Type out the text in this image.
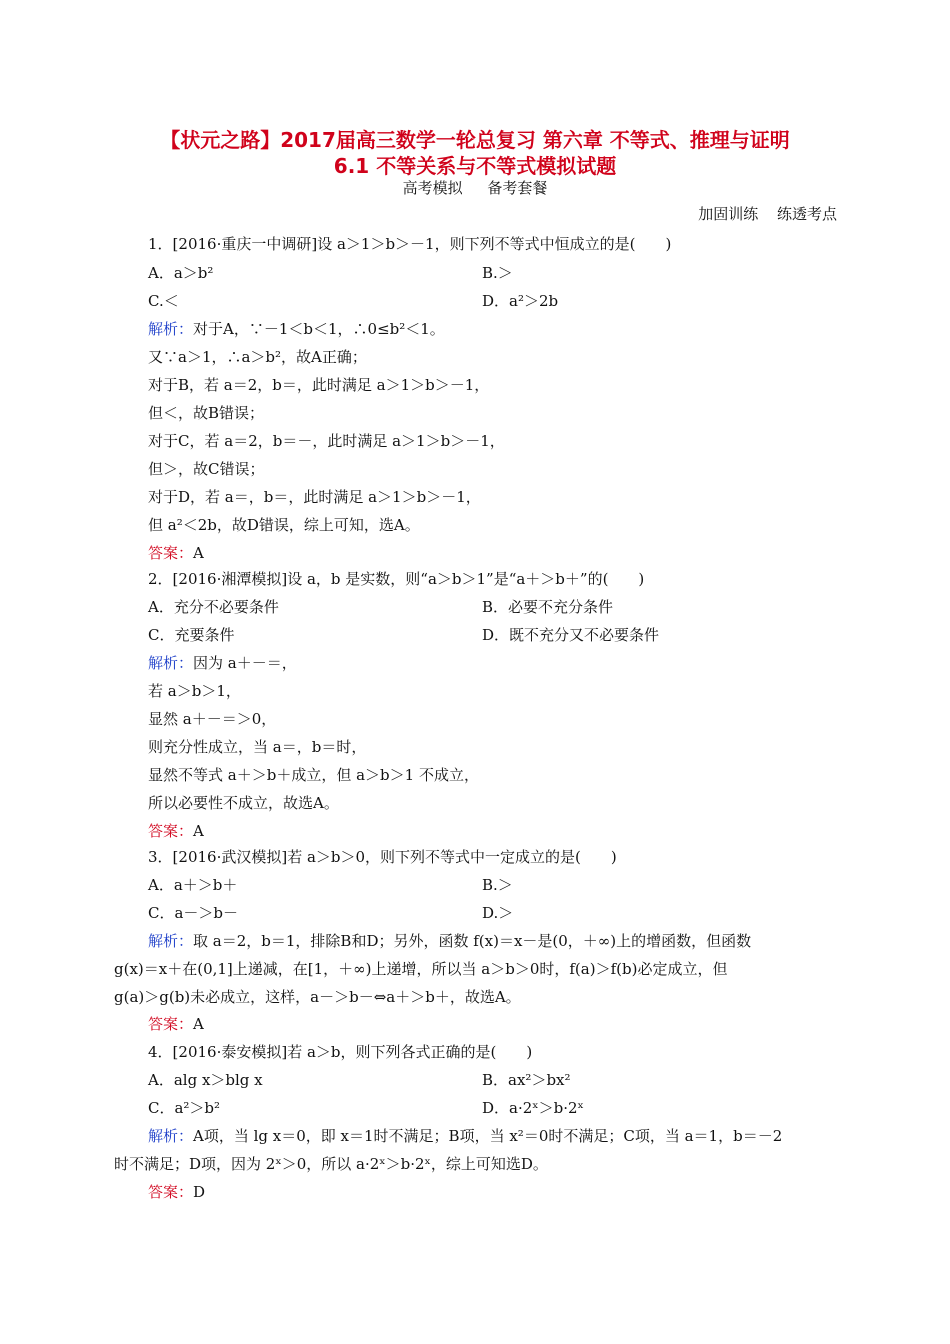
【状元之路】2017届高三数学一轮总复习 第六章 不等式、推理与证明
6.1 不等关系与不等式模拟试题
高考模拟 备考套餐
加固训练 练透考点
1．[2016·重庆一中调研]设 a＞1＞b＞－1，则下列不等式中恒成立的是(　　)
A．a＞b²	B.＞
C.＜	D．a²＞2b
解析：对于A，∵－1＜b＜1，∴0≤b²＜1。
又∵a＞1，∴a＞b²，故A正确；
对于B，若 a＝2，b＝，此时满足 a＞1＞b＞－1，
但＜，故B错误；
对于C，若 a＝2，b＝－，此时满足 a＞1＞b＞－1，
但＞，故C错误；
对于D，若 a＝，b＝，此时满足 a＞1＞b＞－1，
但 a²＜2b，故D错误，综上可知，选A。
答案：A
2．[2016·湘潭模拟]设 a，b 是实数，则“a＞b＞1”是“a＋＞b＋”的(　　)
A．充分不必要条件	B．必要不充分条件
C．充要条件	D．既不充分又不必要条件
解析：因为 a＋－＝，
若 a＞b＞1，
显然 a＋－＝＞0，
则充分性成立，当 a＝，b＝时，
显然不等式 a＋＞b＋成立，但 a＞b＞1 不成立，
所以必要性不成立，故选A。
答案：A
3．[2016·武汉模拟]若 a＞b＞0，则下列不等式中一定成立的是(　　)
A．a＋＞b＋	B.＞
C．a－＞b－	D.＞
解析：取 a＝2，b＝1，排除B和D；另外，函数 f(x)＝x－是(0，＋∞)上的增函数，但函数
g(x)＝x＋在(0,1]上递减，在[1，＋∞)上递增，所以当 a＞b＞0时，f(a)＞f(b)必定成立，但
g(a)＞g(b)未必成立，这样，a－＞b－⇔a＋＞b＋，故选A。
答案：A
4．[2016·泰安模拟]若 a＞b，则下列各式正确的是(　　)
A．alg x＞blg x	B．ax²＞bx²
C．a²＞b²	D．a·2ˣ＞b·2ˣ
解析：A项，当 lg x＝0，即 x＝1时不满足；B项，当 x²＝0时不满足；C项，当 a＝1，b＝－2
时不满足；D项，因为 2ˣ＞0，所以 a·2ˣ＞b·2ˣ，综上可知选D。
答案：D
